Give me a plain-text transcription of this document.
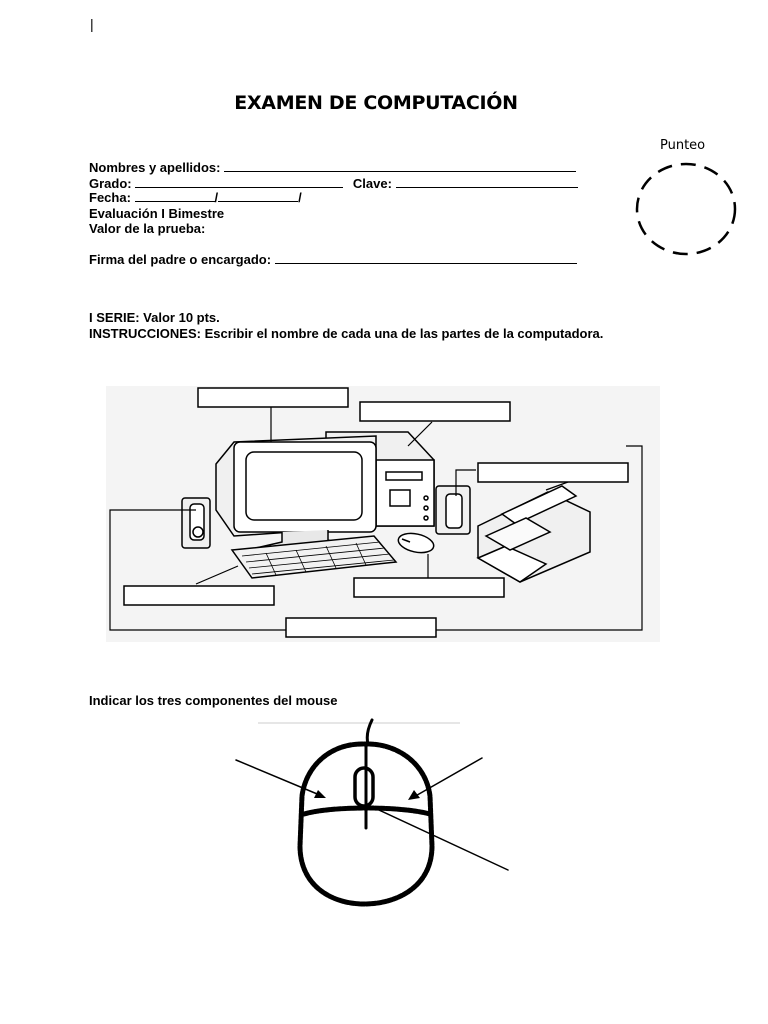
|
EXAMEN DE COMPUTACIÓN
Punteo
Nombres y apellidos:
Grado:	Clave:
Fecha:	/	/
Evaluación I Bimestre
Valor de la prueba:
Firma del padre o encargado:
I SERIE: Valor 10 pts.
INSTRUCCIONES: Escribir el nombre de cada una de las partes de la computadora.
Indicar los tres componentes del mouse
